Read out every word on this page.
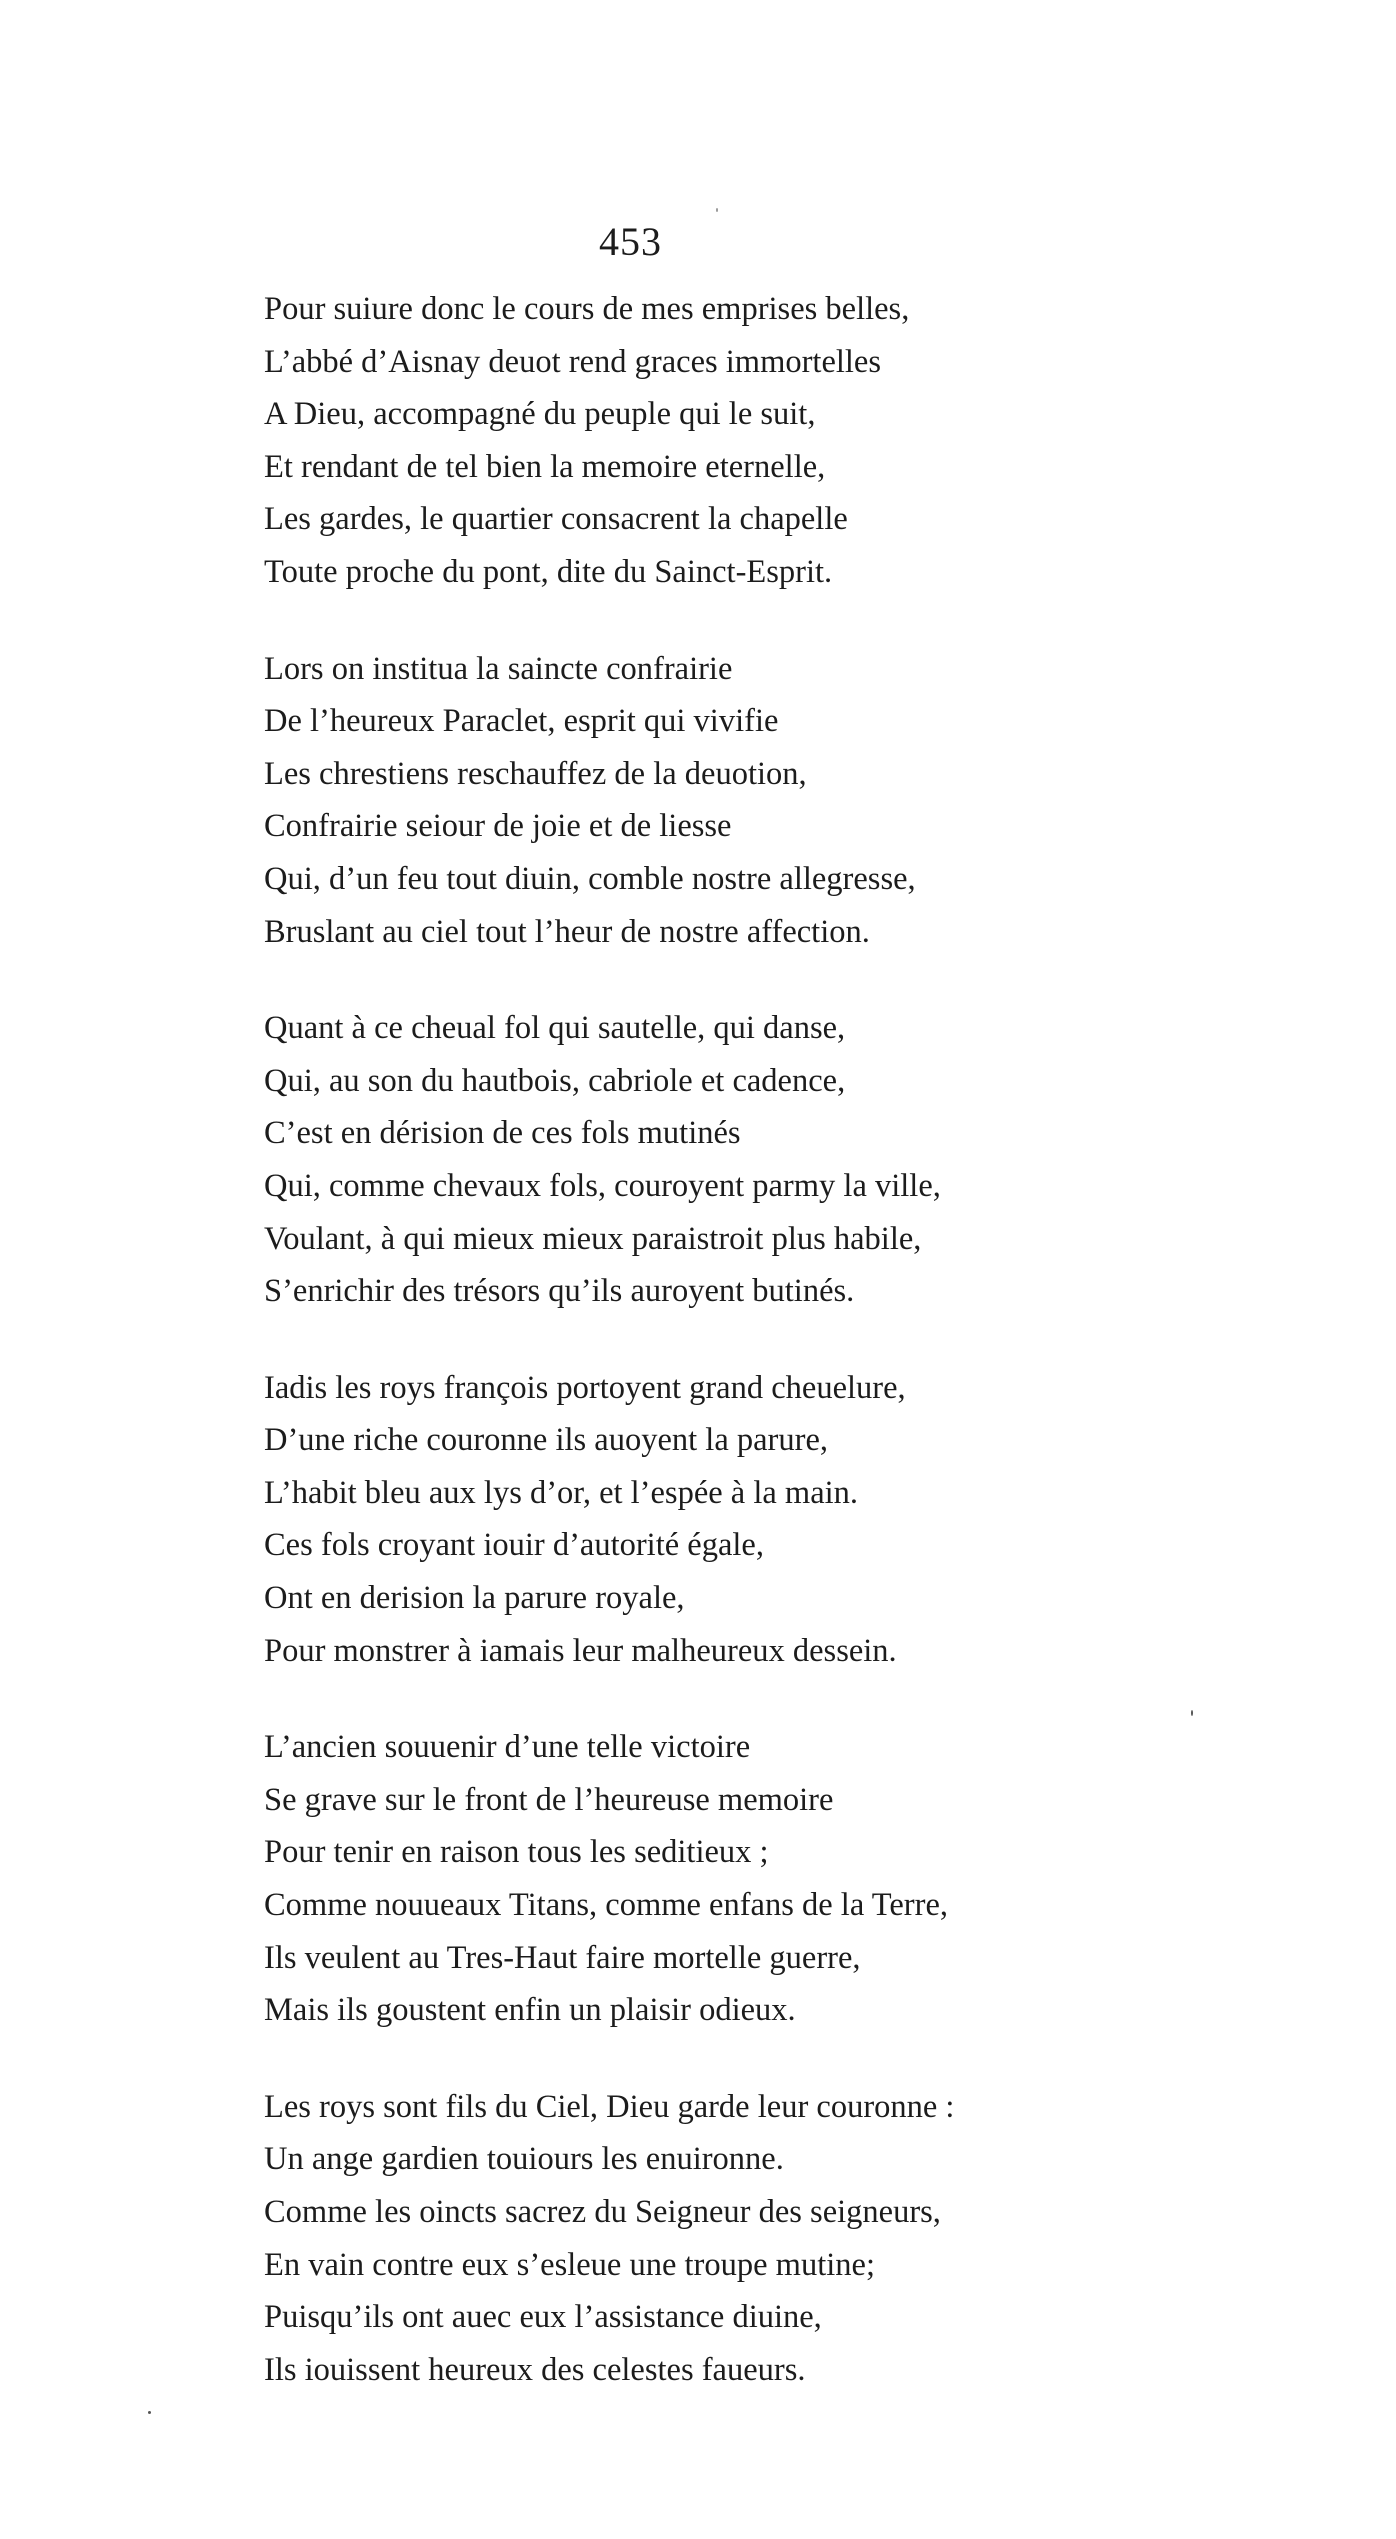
453
Pour suiure donc le cours de mes emprises belles,
L’abbé d’Aisnay deuot rend graces immortelles
A Dieu, accompagné du peuple qui le suit,
Et rendant de tel bien la memoire eternelle,
Les gardes, le quartier consacrent la chapelle
Toute proche du pont, dite du Sainct-Esprit.
Lors on institua la saincte confrairie
De l’heureux Paraclet, esprit qui vivifie
Les chrestiens reschauffez de la deuotion,
Confrairie seiour de joie et de liesse
Qui, d’un feu tout diuin, comble nostre allegresse,
Bruslant au ciel tout l’heur de nostre affection.
Quant à ce cheual fol qui sautelle, qui danse,
Qui, au son du hautbois, cabriole et cadence,
C’est en dérision de ces fols mutinés
Qui, comme chevaux fols, couroyent parmy la ville,
Voulant, à qui mieux mieux paraistroit plus habile,
S’enrichir des trésors qu’ils auroyent butinés.
Iadis les roys françois portoyent grand cheuelure,
D’une riche couronne ils auoyent la parure,
L’habit bleu aux lys d’or, et l’espée à la main.
Ces fols croyant iouir d’autorité égale,
Ont en derision la parure royale,
Pour monstrer à iamais leur malheureux dessein.
L’ancien souuenir d’une telle victoire
Se grave sur le front de l’heureuse memoire
Pour tenir en raison tous les seditieux ;
Comme nouueaux Titans, comme enfans de la Terre,
Ils veulent au Tres-Haut faire mortelle guerre,
Mais ils goustent enfin un plaisir odieux.
Les roys sont fils du Ciel, Dieu garde leur couronne :
Un ange gardien touiours les enuironne.
Comme les oincts sacrez du Seigneur des seigneurs,
En vain contre eux s’esleue une troupe mutine;
Puisqu’ils ont auec eux l’assistance diuine,
Ils iouissent heureux des celestes faueurs.
